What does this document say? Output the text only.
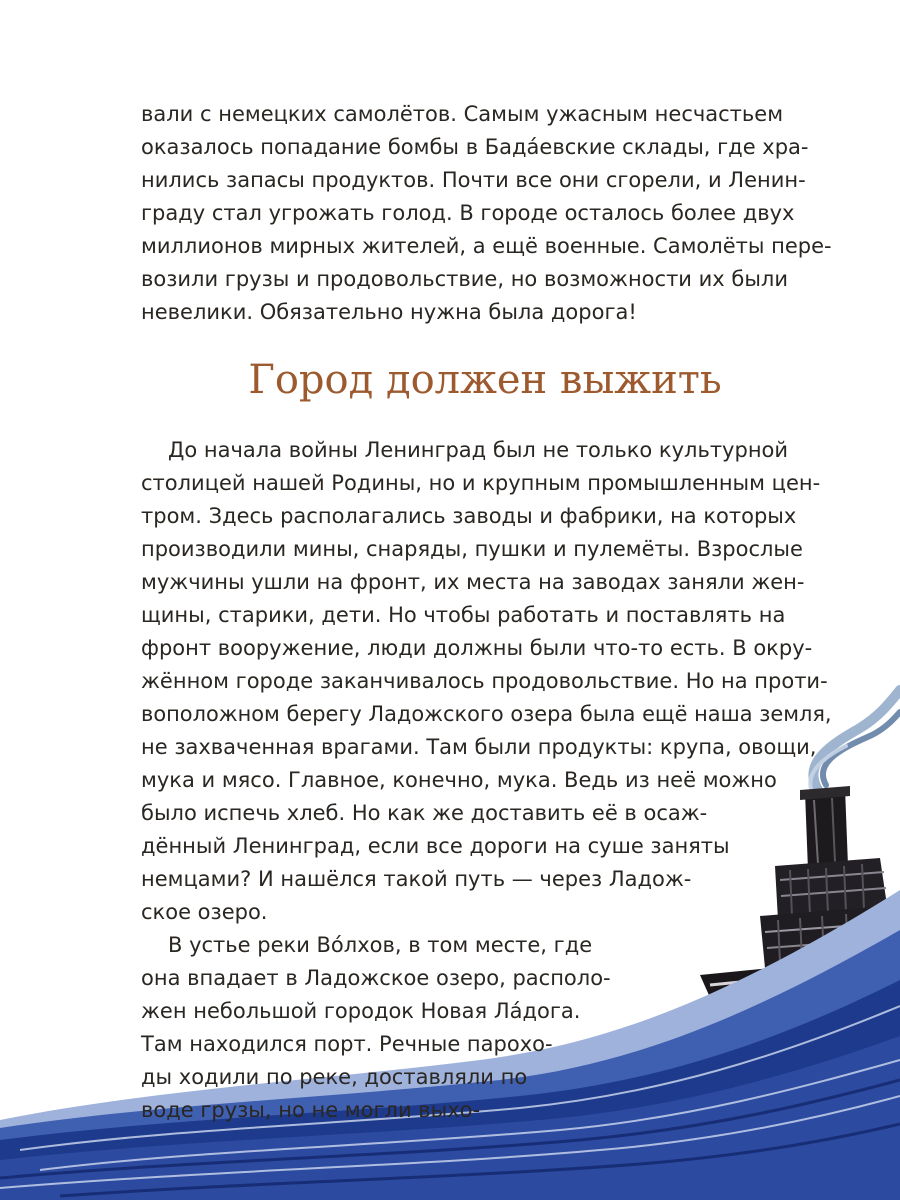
вали с немецких самолётов. Самым ужасным несчастьем
оказалось попадание бомбы в Бада́евские склады, где хра-
нились запасы продуктов. Почти все они сгорели, и Ленин-
граду стал угрожать голод. В городе осталось более двух
миллионов мирных жителей, а ещё военные. Самолёты пере-
возили грузы и продовольствие, но возможности их были
невелики. Обязательно нужна была дорога!
Город должен выжить
До начала войны Ленинград был не только культурной
столицей нашей Родины, но и крупным промышленным цен-
тром. Здесь располагались заводы и фабрики, на которых
производили мины, снаряды, пушки и пулемёты. Взрослые
мужчины ушли на фронт, их места на заводах заняли жен-
щины, старики, дети. Но чтобы работать и поставлять на
фронт вооружение, люди должны были что-то есть. В окру-
жённом городе заканчивалось продовольствие. Но на проти-
воположном берегу Ладожского озера была ещё наша земля,
не захваченная врагами. Там были продукты: крупа, овощи,
мука и мясо. Главное, конечно, мука. Ведь из неё можно
было испечь хлеб. Но как же доставить её в осаж-
дённый Ленинград, если все дороги на суше заняты
немцами? И нашёлся такой путь — через Ладож-
ское озеро.
В устье реки Во́лхов, в том месте, где
она впадает в Ладожское озеро, располо-
жен небольшой городок Новая Ла́дога.
Там находился порт. Речные парохо-
ды ходили по реке, доставляли по
воде грузы, но не могли выхо-
